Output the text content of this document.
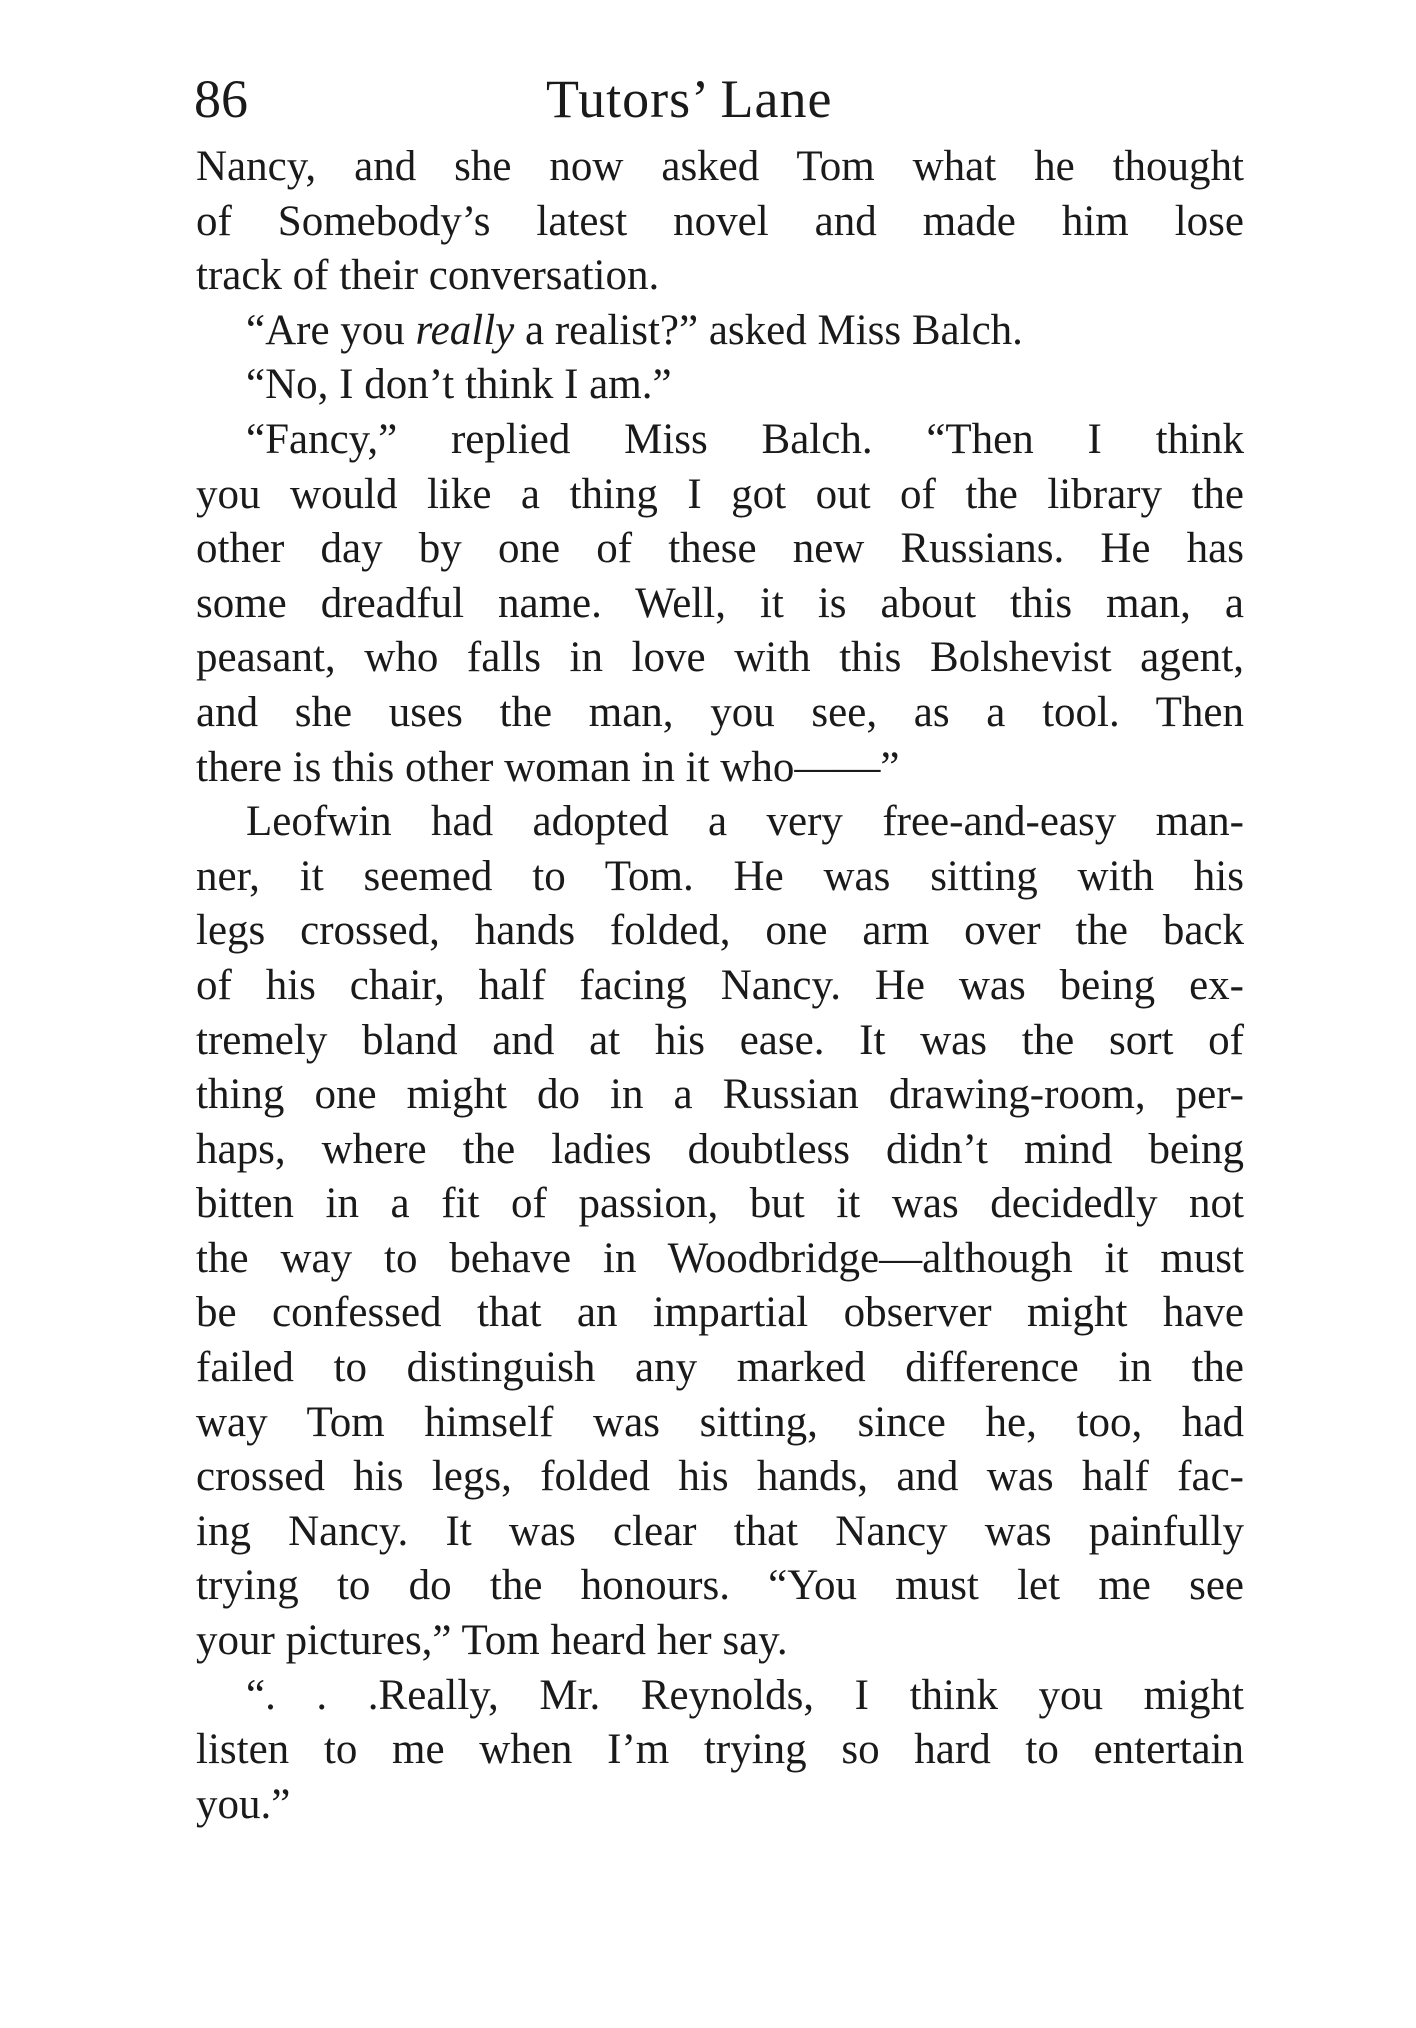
86	Tutors’ Lane
Nancy, and she now asked Tom what he thought
of Somebody’s latest novel and made him lose
track of their conversation.
“Are you really a realist?” asked Miss Balch.
“No, I don’t think I am.”
“Fancy,” replied Miss Balch. “Then I think
you would like a thing I got out of the library the
other day by one of these new Russians. He has
some dreadful name. Well, it is about this man, a
peasant, who falls in love with this Bolshevist agent,
and she uses the man, you see, as a tool. Then
there is this other woman in it who——”
Leofwin had adopted a very free-and-easy man-
ner, it seemed to Tom. He was sitting with his
legs crossed, hands folded, one arm over the back
of his chair, half facing Nancy. He was being ex-
tremely bland and at his ease. It was the sort of
thing one might do in a Russian drawing-room, per-
haps, where the ladies doubtless didn’t mind being
bitten in a fit of passion, but it was decidedly not
the way to behave in Woodbridge—although it must
be confessed that an impartial observer might have
failed to distinguish any marked difference in the
way Tom himself was sitting, since he, too, had
crossed his legs, folded his hands, and was half fac-
ing Nancy. It was clear that Nancy was painfully
trying to do the honours. “You must let me see
your pictures,” Tom heard her say.
“. . .Really, Mr. Reynolds, I think you might
listen to me when I’m trying so hard to entertain
you.”
